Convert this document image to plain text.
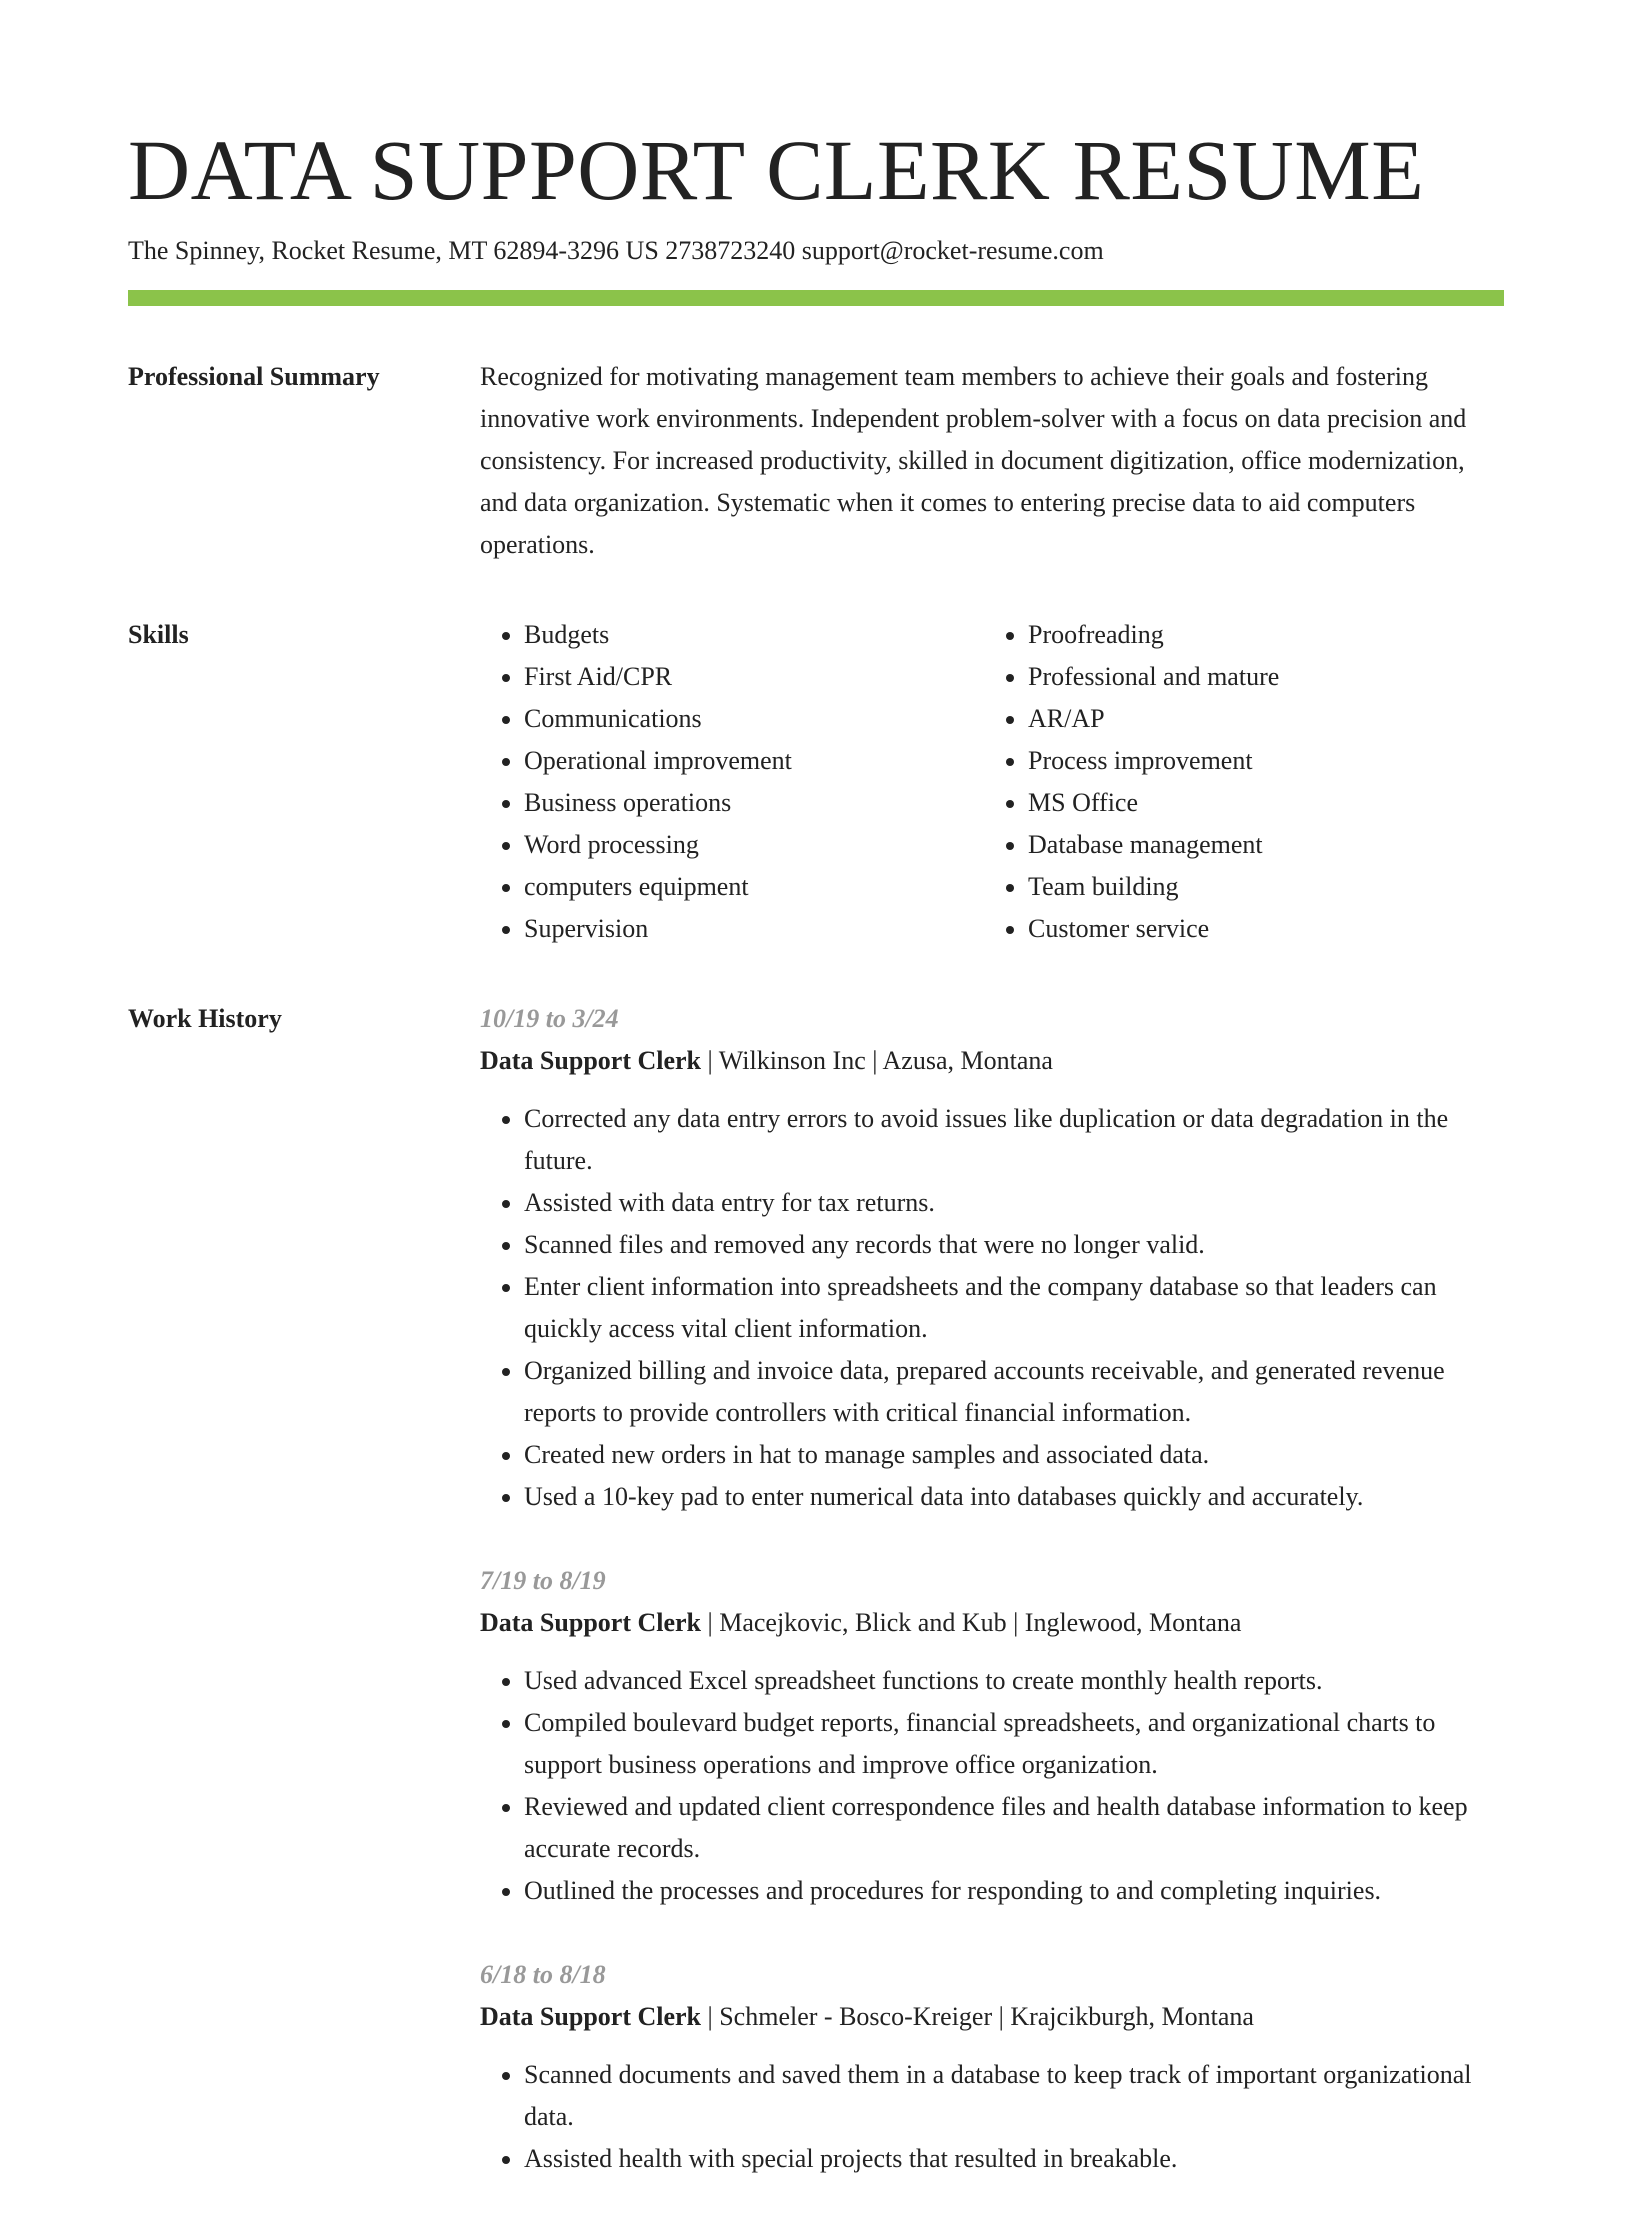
DATA SUPPORT CLERK RESUME
The Spinney, Rocket Resume, MT 62894-3296 US 2738723240 support@rocket-resume.com
Professional Summary	Recognized for motivating management team members to achieve their goals and fostering innovative work environments. Independent problem-solver with a focus on data precision and consistency. For increased productivity, skilled in document digitization, office modernization, and data organization. Systematic when it comes to entering precise data to aid computers operations.

Skills
•	Budgets
• First Aid/CPR
• Communications
• Operational improvement
• Business operations
• Word processing
• computers equipment
• Supervision
• Proofreading
• Professional and mature
• AR/AP
• Process improvement
• MS Office
• Database management
• Team building
• Customer service
Work History	10/19 to 3/24
Data Support Clerk | Wilkinson Inc | Azusa, Montana
• Corrected any data entry errors to avoid issues like duplication or data degradation in the future.
• Assisted with data entry for tax returns.
• Scanned files and removed any records that were no longer valid.
• Enter client information into spreadsheets and the company database so that leaders can quickly access vital client information.
• Organized billing and invoice data, prepared accounts receivable, and generated revenue reports to provide controllers with critical financial information.
• Created new orders in hat to manage samples and associated data.
• Used a 10-key pad to enter numerical data into databases quickly and accurately.
7/19 to 8/19
Data Support Clerk | Macejkovic, Blick and Kub | Inglewood, Montana
• Used advanced Excel spreadsheet functions to create monthly health reports.
• Compiled boulevard budget reports, financial spreadsheets, and organizational charts to support business operations and improve office organization.
• Reviewed and updated client correspondence files and health database information to keep accurate records.
• Outlined the processes and procedures for responding to and completing inquiries.
6/18 to 8/18
Data Support Clerk | Schmeler - Bosco-Kreiger | Krajcikburgh, Montana
• Scanned documents and saved them in a database to keep track of important organizational data.
• Assisted health with special projects that resulted in breakable.
